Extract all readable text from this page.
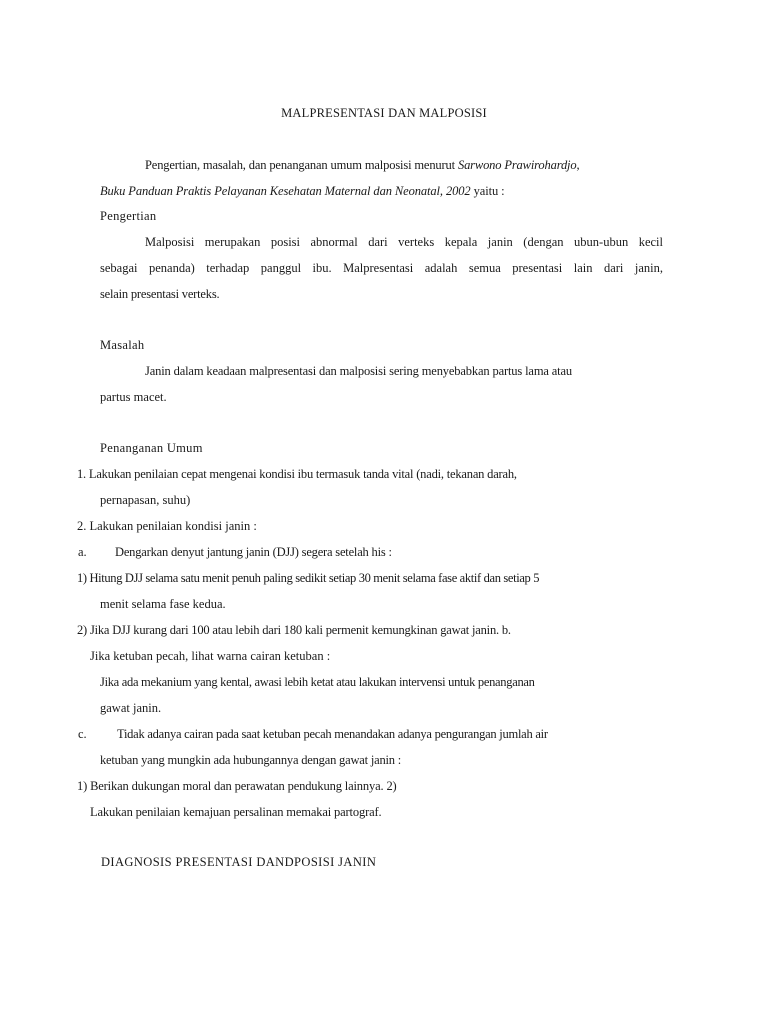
MALPRESENTASI DAN MALPOSISI
Pengertian, masalah, dan penanganan umum malposisi menurut Sarwono Prawirohardjo,
Buku Panduan Praktis Pelayanan Kesehatan Maternal dan Neonatal, 2002 yaitu :
Pengertian
Malposisi merupakan posisi abnormal dari verteks kepala janin (dengan ubun-ubun kecil
sebagai penanda) terhadap panggul ibu. Malpresentasi adalah semua presentasi lain dari janin,
selain presentasi verteks.
Masalah
Janin dalam keadaan malpresentasi dan malposisi sering menyebabkan partus lama atau
partus macet.
Penanganan Umum
1. Lakukan penilaian cepat mengenai kondisi ibu termasuk tanda vital (nadi, tekanan darah,
pernapasan, suhu)
2. Lakukan penilaian kondisi janin :
a. Dengarkan denyut jantung janin (DJJ) segera setelah his :
1) Hitung DJJ selama satu menit penuh paling sedikit setiap 30 menit selama fase aktif dan setiap 5
menit selama fase kedua.
2) Jika DJJ kurang dari 100 atau lebih dari 180 kali permenit kemungkinan gawat janin. b.
Jika ketuban pecah, lihat warna cairan ketuban :
Jika ada mekanium yang kental, awasi lebih ketat atau lakukan intervensi untuk penanganan
gawat janin.
c. Tidak adanya cairan pada saat ketuban pecah menandakan adanya pengurangan jumlah air
ketuban yang mungkin ada hubungannya dengan gawat janin :
1) Berikan dukungan moral dan perawatan pendukung lainnya. 2)
Lakukan penilaian kemajuan persalinan memakai partograf.
DIAGNOSIS PRESENTASI DANDPOSISI JANIN
